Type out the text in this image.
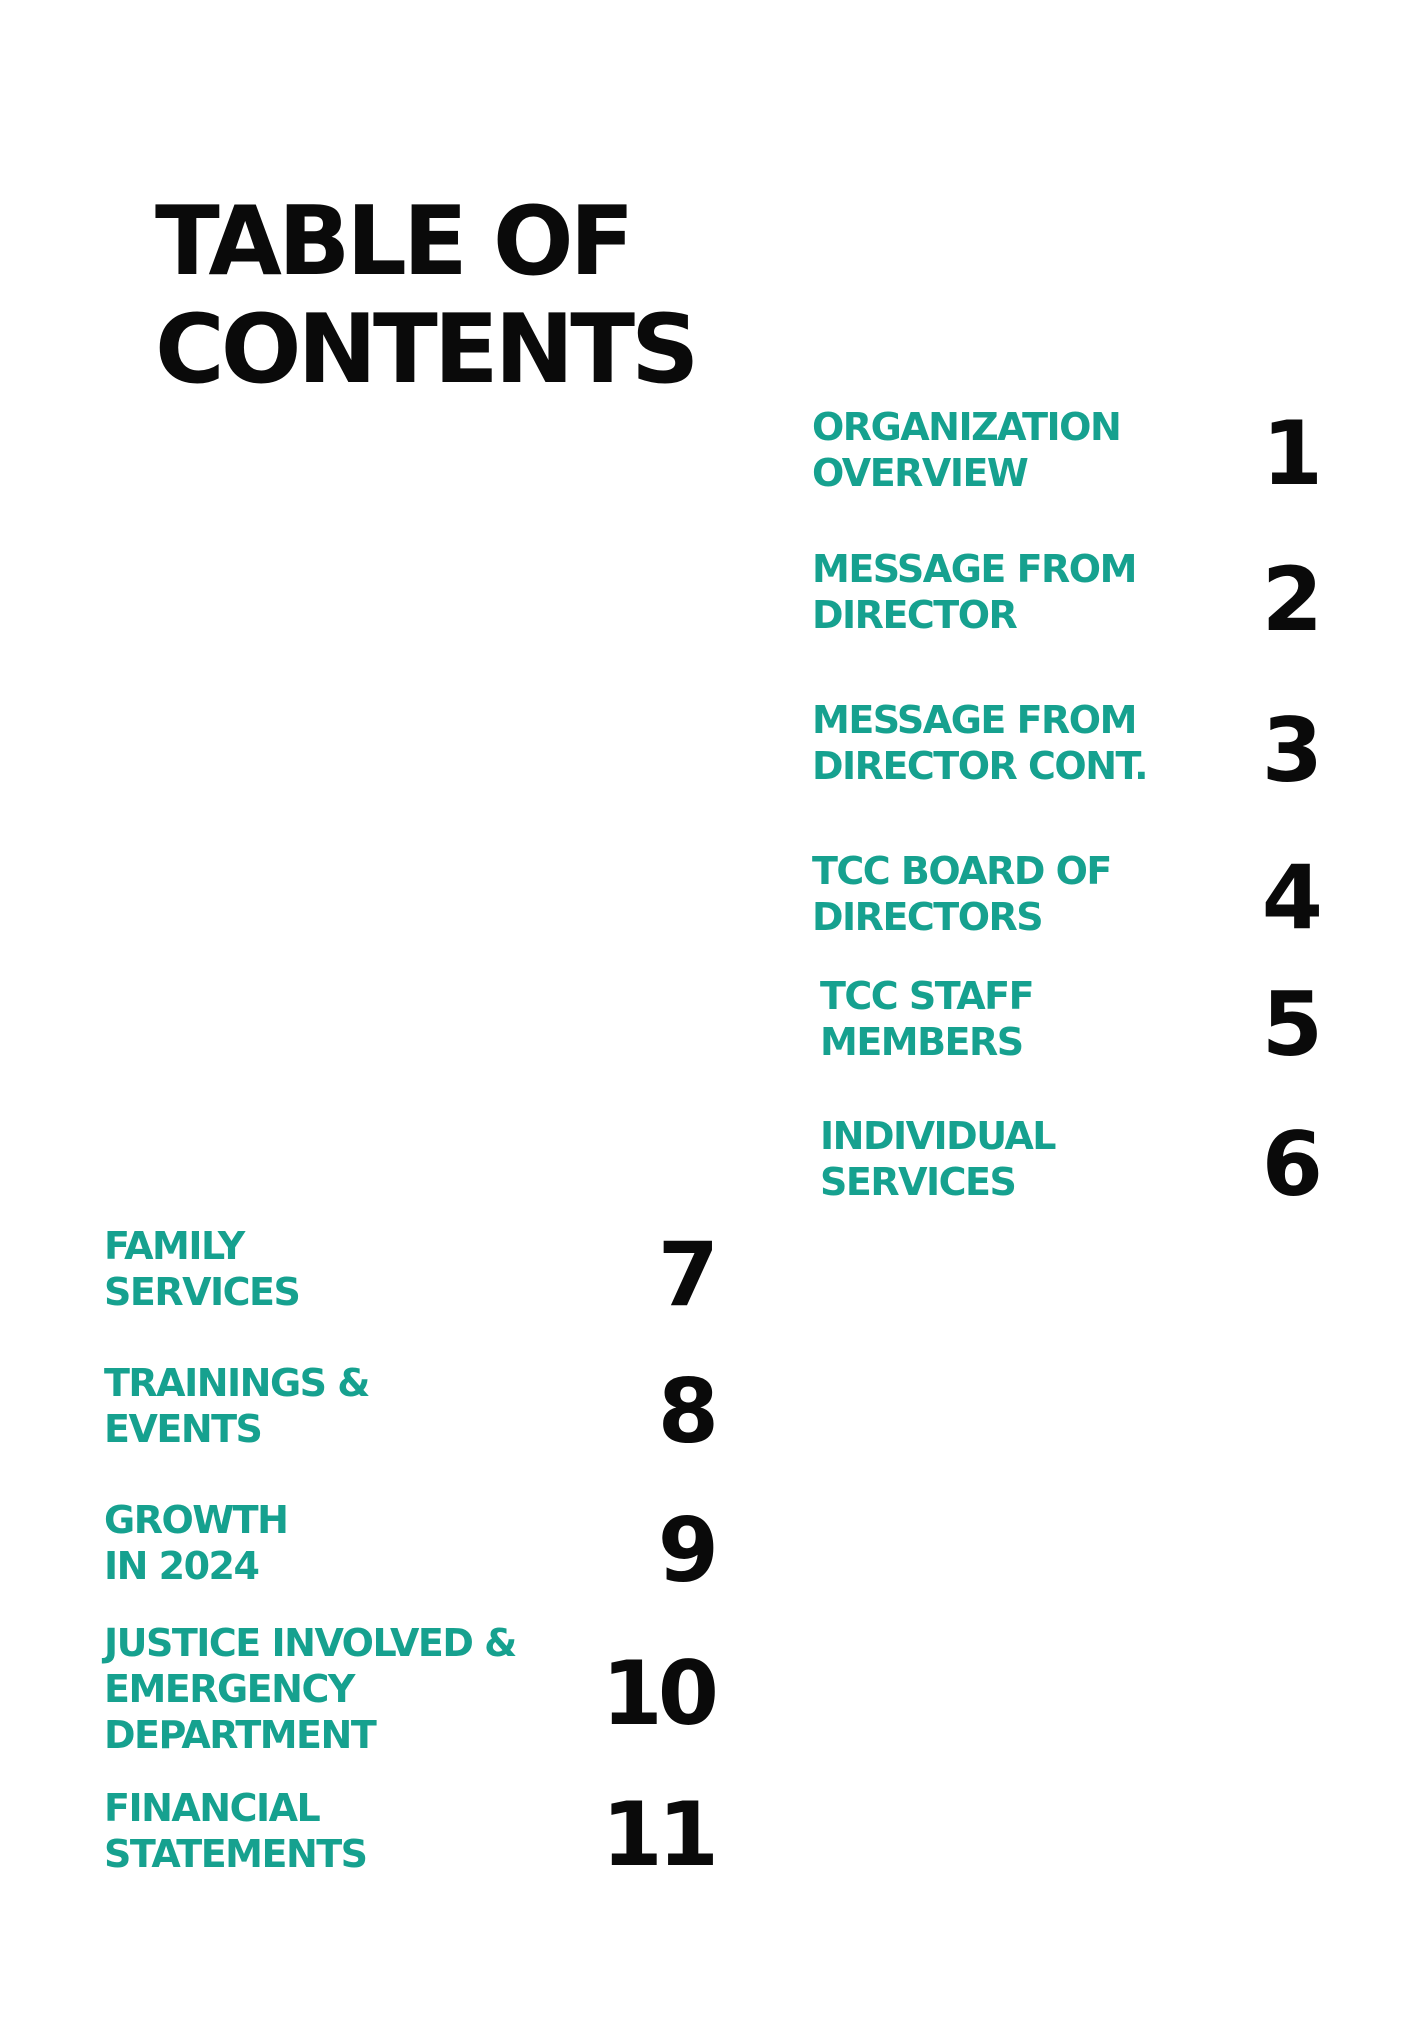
TABLE OF
CONTENTS
ORGANIZATION
OVERVIEW	1
MESSAGE FROM
DIRECTOR	2
MESSAGE FROM
DIRECTOR CONT. 3
TCC BOARD OF
DIRECTORS	4
TCC STAFF
MEMBERS	5
INDIVIDUAL
SERVICES	6
FAMILY
SERVICES	7
TRAININGS &
EVENTS	8
GROWTH
IN 2024	9
JUSTICE INVOLVED &
EMERGENCY
DEPARTMENT	10
FINANCIAL
STATEMENTS	11
